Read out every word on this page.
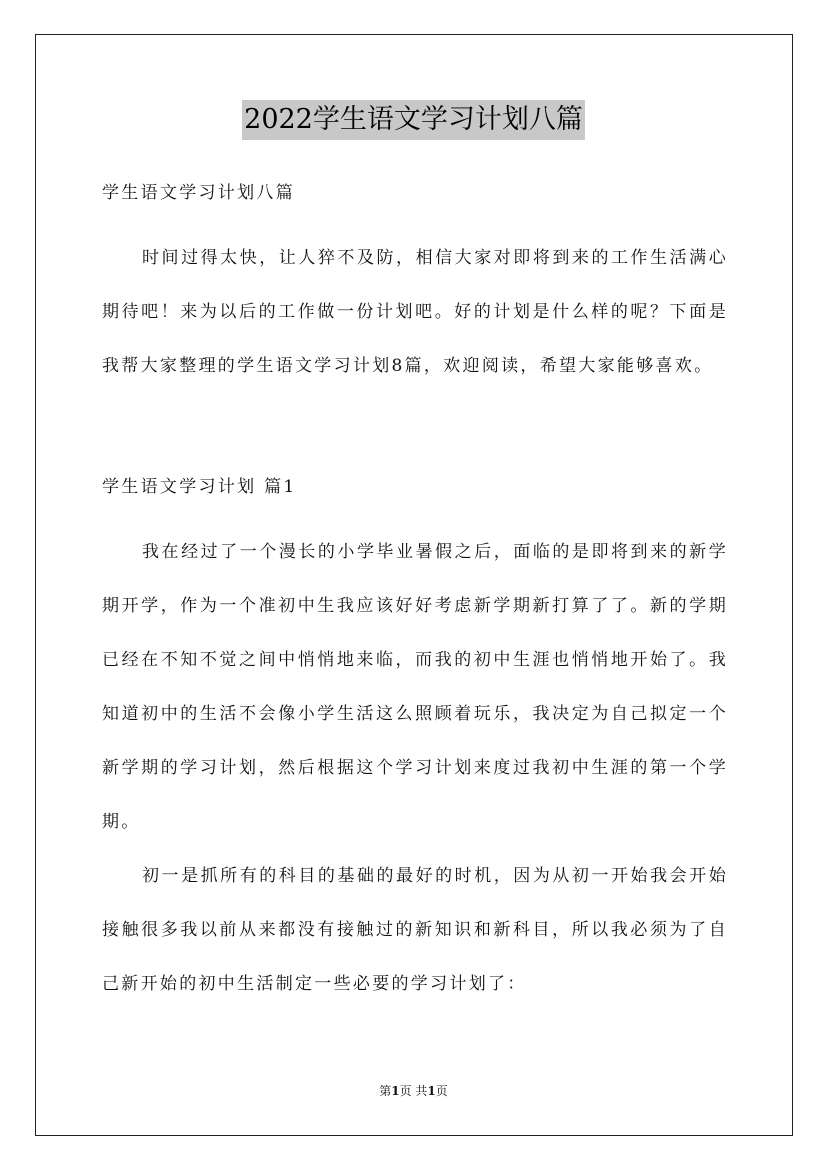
2022学生语文学习计划八篇
学生语文学习计划八篇

时间过得太快，让人猝不及防，相信大家对即将到来的工作生活满心期待吧！来为以后的工作做一份计划吧。好的计划是什么样的呢？下面是我帮大家整理的学生语文学习计划8篇，欢迎阅读，希望大家能够喜欢。

学生语文学习计划 篇1

我在经过了一个漫长的小学毕业暑假之后，面临的是即将到来的新学期开学，作为一个准初中生我应该好好考虑新学期新打算了了。新的学期已经在不知不觉之间中悄悄地来临，而我的初中生涯也悄悄地开始了。我知道初中的生活不会像小学生活这么照顾着玩乐，我决定为自己拟定一个新学期的学习计划，然后根据这个学习计划来度过我初中生涯的第一个学期。

初一是抓所有的科目的基础的最好的时机，因为从初一开始我会开始接触很多我以前从来都没有接触过的新知识和新科目，所以我必须为了自己新开始的初中生活制定一些必要的学习计划了：

第1页 共1页
